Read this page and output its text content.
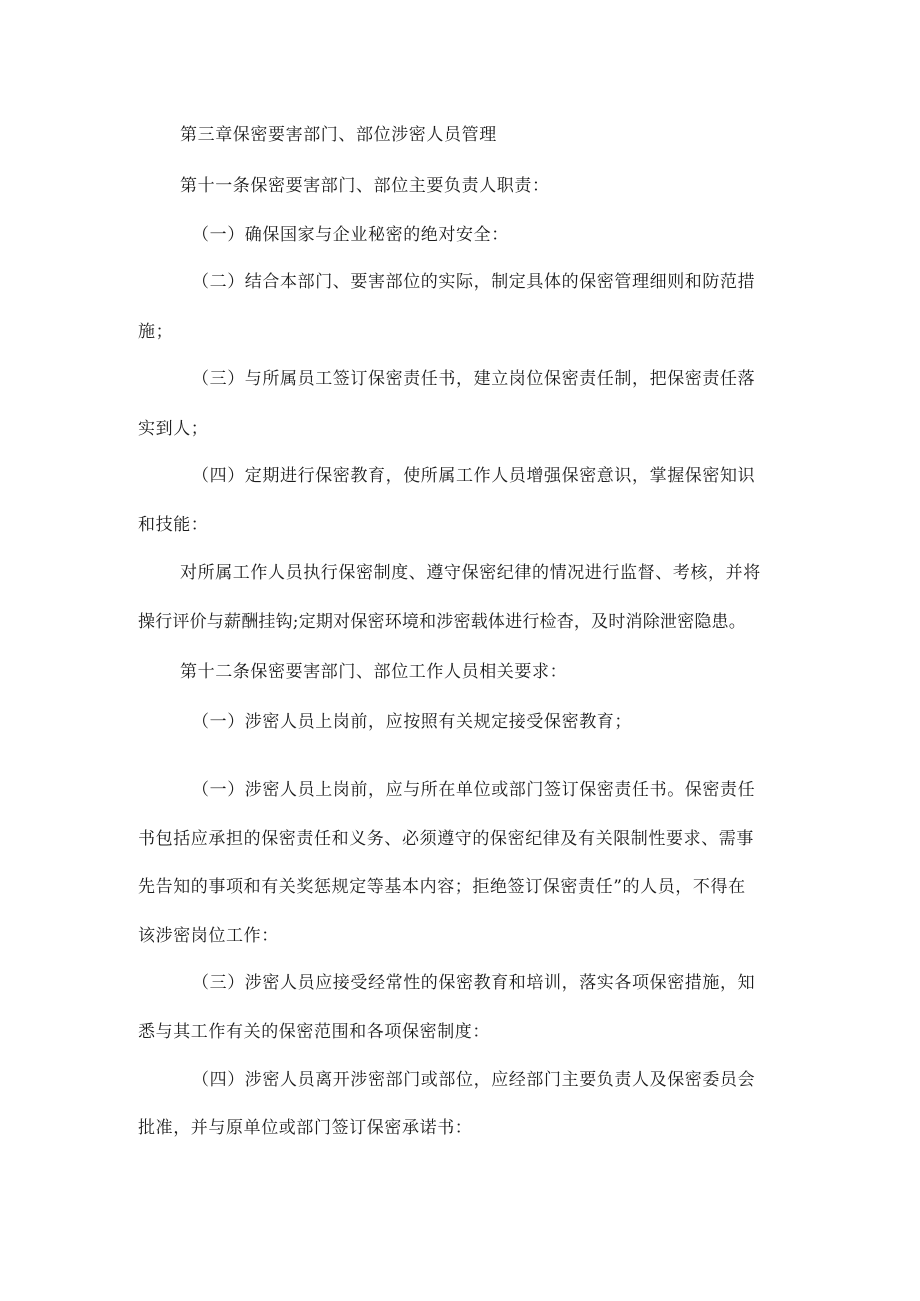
第三章保密要害部门、部位涉密人员管理
第十一条保密要害部门、部位主要负责人职责：
（一）确保国家与企业秘密的绝对安全：
（二）结合本部门、要害部位的实际，制定具体的保密管理细则和防范措
施；
（三）与所属员工签订保密责任书，建立岗位保密责任制，把保密责任落
实到人；
（四）定期进行保密教育，使所属工作人员增强保密意识，掌握保密知识
和技能：
对所属工作人员执行保密制度、遵守保密纪律的情况进行监督、考核，并将
操行评价与薪酬挂钩;定期对保密环境和涉密载体进行检杳，及时消除泄密隐患。
第十二条保密要害部门、部位工作人员相关要求：
（一）涉密人员上岗前，应按照有关规定接受保密教育；
（一）涉密人员上岗前，应与所在单位或部门签订保密责任书。保密责任
书包括应承担的保密责任和义务、必须遵守的保密纪律及有关限制性要求、需事
先告知的事项和有关奖惩规定等基本内容；拒绝签订保密责任”的人员，不得在
该涉密岗位工作：
（三）涉密人员应接受经常性的保密教育和培训，落实各项保密措施，知
悉与其工作有关的保密范围和各项保密制度：
（四）涉密人员离开涉密部门或部位，应经部门主要负责人及保密委员会
批准，并与原单位或部门签订保密承诺书：
